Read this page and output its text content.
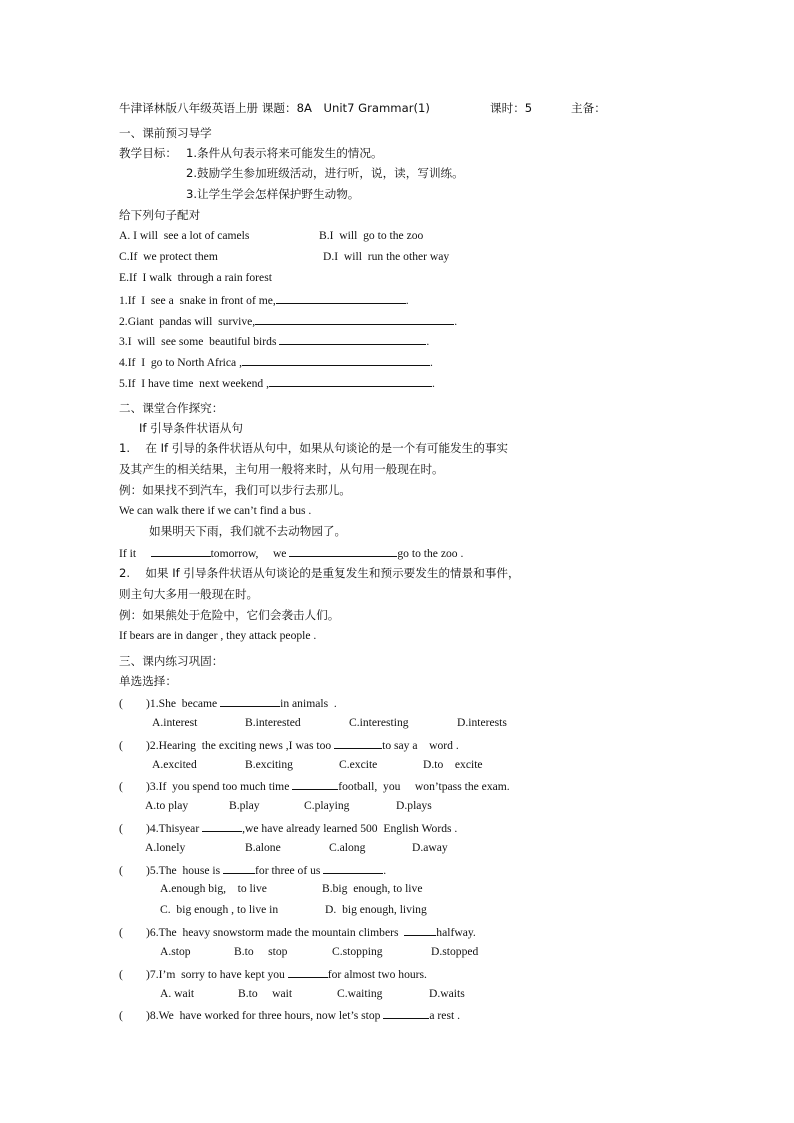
牛津译林版八年级英语上册 课题：8A　Unit7 Grammar(1)	课时：5	主备：
一、课前预习导学
教学目标： 1.条件从句表示将来可能发生的情况。
2.鼓励学生参加班级活动，进行听，说，读，写训练。
3.让学生学会怎样保护野生动物。
给下列句子配对
A. I will  see a lot of camels	B.I  will  go to the zoo
C.If  we protect them	D.I  will  run the other way
E.If  I walk  through a rain forest
1.If  I  see a  snake in front of me,	.
2.Giant  pandas will  survive,	.
3.I  will  see some  beautiful birds	.
4.If  I  go to North Africa ,	.
5.If  I have time  next weekend ,	.
二、课堂合作探究：
If 引导条件状语从句
1.　 在 If 引导的条件状语从句中，如果从句谈论的是一个有可能发生的事实
及其产生的相关结果，主句用一般将来时，从句用一般现在时。
例：如果找不到汽车，我们可以步行去那儿。
We can walk there if we can’t find a bus .
如果明天下雨，我们就不去动物园了。
If it	tomorrow, we	go to the zoo .
2.　 如果 If 引导条件状语从句谈论的是重复发生和预示要发生的情景和事件，
则主句大多用一般现在时。
例：如果熊处于危险中，它们会袭击人们。
If bears are in danger , they attack people .
三、课内练习巩固：
单选选择：
(　　)1.She  became	in animals  .
A.interest	B.interested	C.interesting	D.interests
(　　)2.Hearing  the exciting news ,I was too	to say a    word .
A.excited	B.exciting	C.excite	D.to    excite
(　　)3.If  you spend too much time	football,  you     won’tpass the exam.
A.to play	B.play	C.playing	D.plays
(　　)4.Thisyear	,we have already learned 500  English Words .
A.lonely	B.alone	C.along	D.away
(　　)5.The  house is	for three of us	.
A.enough big,    to live	B.big  enough, to live
C.  big enough , to live in	D.  big enough, living
(　　)6.The  heavy snowstorm made the mountain climbers	halfway.
A.stop	B.to     stop	C.stopping	D.stopped
(　　)7.I’m  sorry to have kept you	for almost two hours.
A. wait	B.to     wait	C.waiting	D.waits
(　　)8.We  have worked for three hours, now let’s stop	a rest .
